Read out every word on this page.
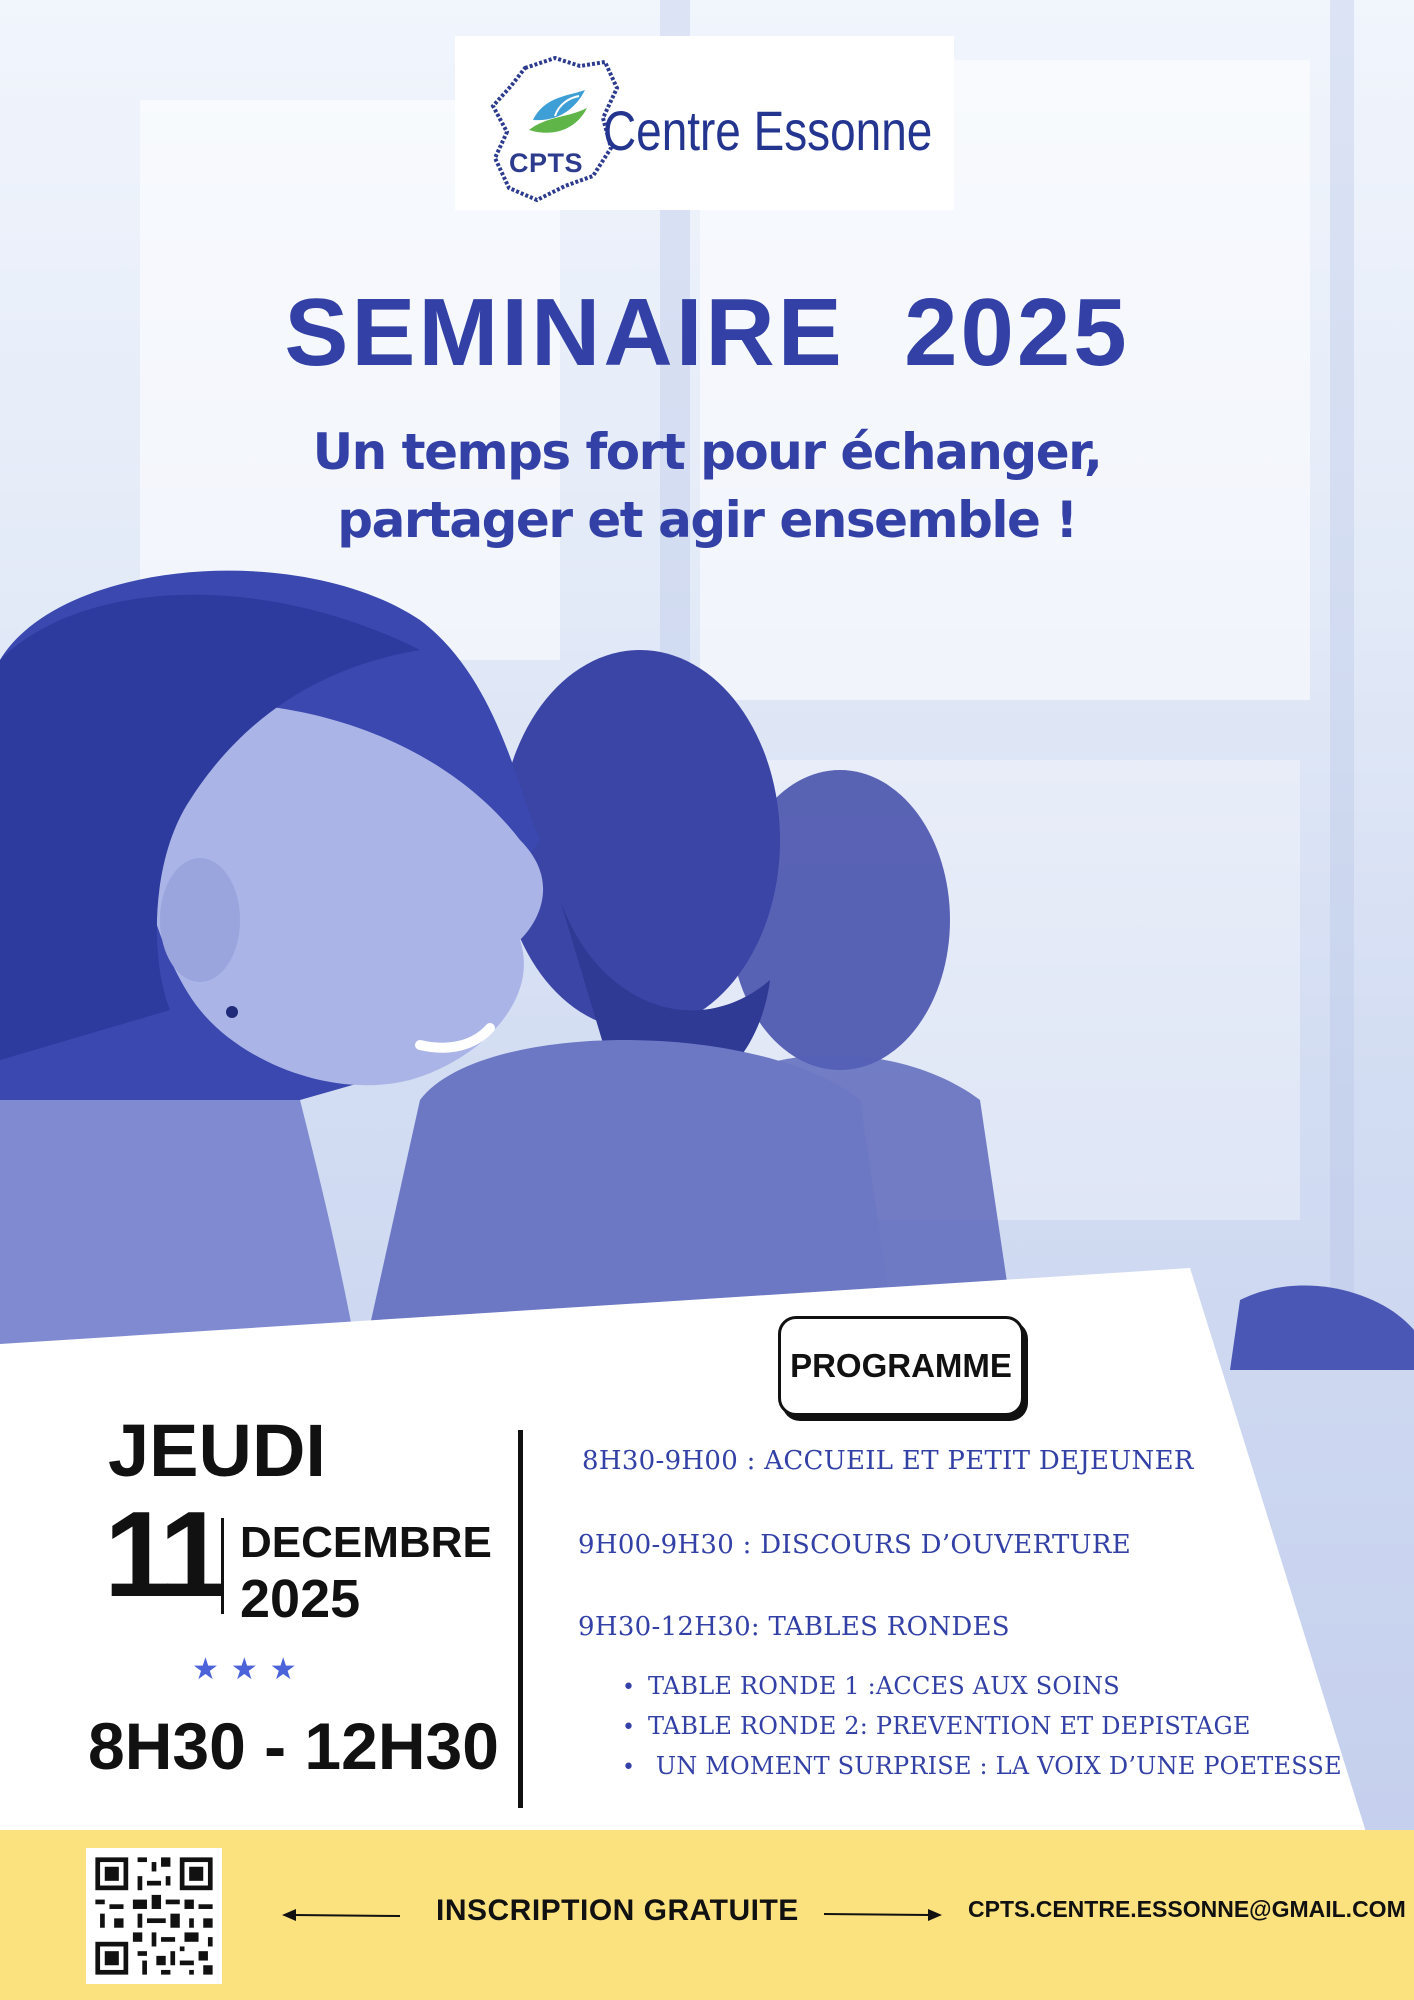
CPTS
Centre Essonne
SEMINAIRE  2025
Un temps fort pour échanger,
partager et agir ensemble !
JEUDI
11 DECEMBRE
2025
★★★
8H30 - 12H30
PROGRAMME
8H30-9H00 : ACCUEIL ET PETIT DEJEUNER
9H00-9H30 : DISCOURS D’OUVERTURE
9H30-12H30: TABLES RONDES
• TABLE RONDE 1 :ACCES AUX SOINS
• TABLE RONDE 2: PREVENTION ET DEPISTAGE
• UN MOMENT SURPRISE : LA VOIX D’UNE POETESSE
INSCRIPTION GRATUITE	CPTS.CENTRE.ESSONNE@GMAIL.COM
